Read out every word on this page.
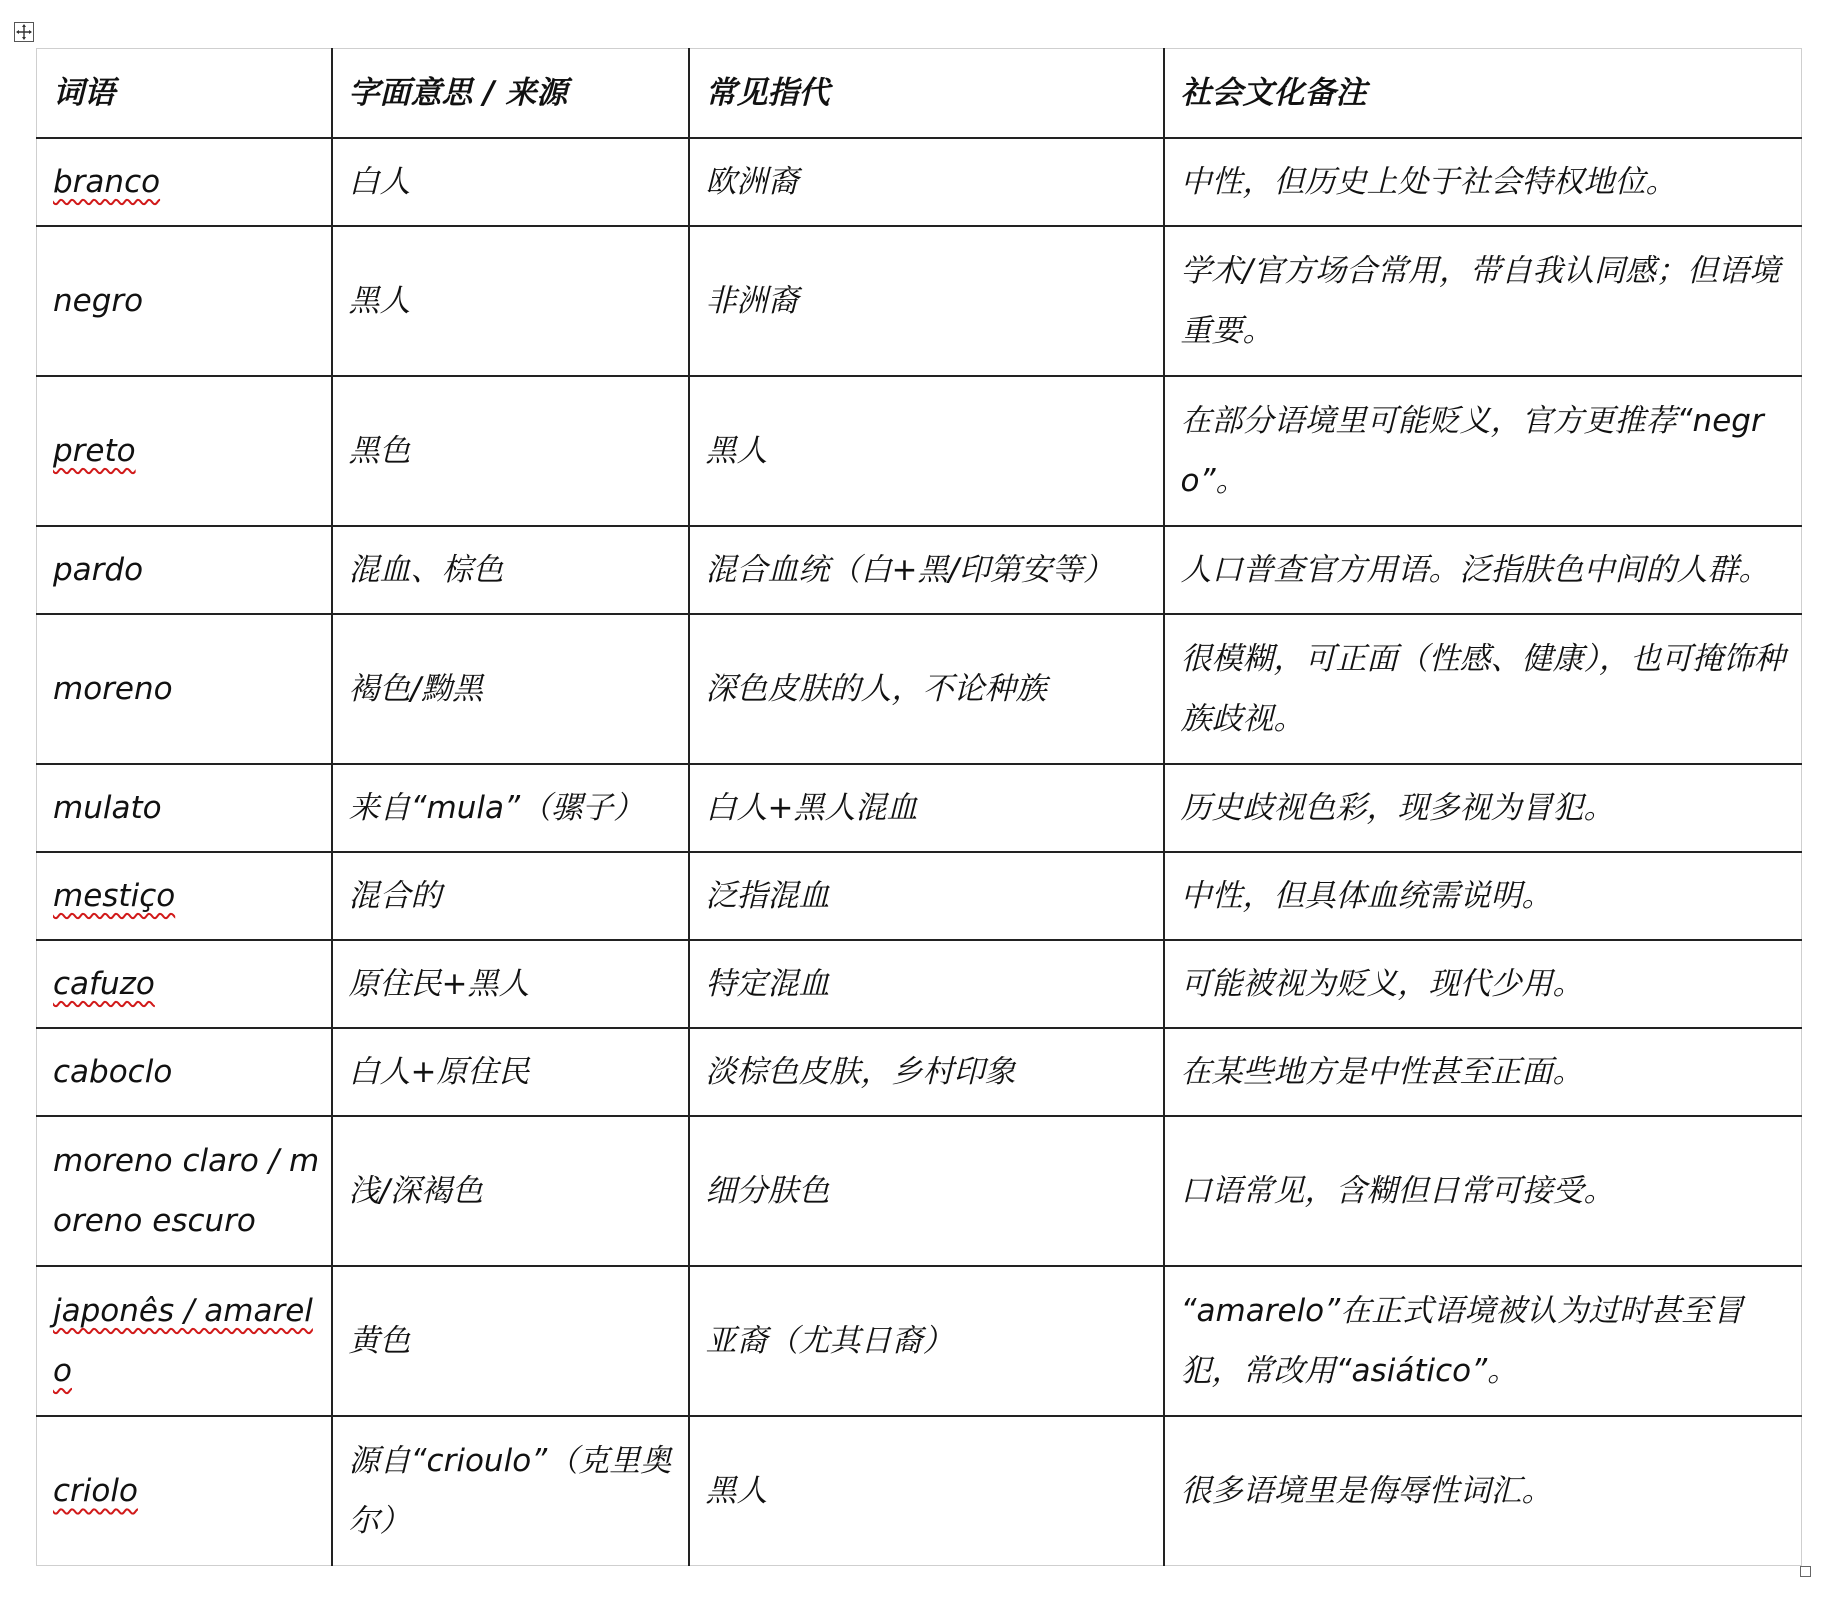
词语	字面意思 / 来源	常见指代	社会文化备注
branco	白人	欧洲裔	中性，但历史上处于社会特权地位。
negro	黑人	非洲裔	学术/官方场合常用，带自我认同感；但语境重要。
preto	黑色	黑人	在部分语境里可能贬义，官方更推荐“negro”。
pardo	混血、棕色	混合血统（白+黑/印第安等）	人口普查官方用语。泛指肤色中间的人群。
moreno	褐色/黝黑	深色皮肤的人，不论种族	很模糊，可正面（性感、健康），也可掩饰种族歧视。
mulato	来自“mula”（骡子）	白人+黑人混血	历史歧视色彩，现多视为冒犯。
mestiço	混合的	泛指混血	中性，但具体血统需说明。
cafuzo	原住民+黑人	特定混血	可能被视为贬义，现代少用。
caboclo	白人+原住民	淡棕色皮肤，乡村印象	在某些地方是中性甚至正面。
moreno claro / moreno escuro	浅/深褐色	细分肤色	口语常见，含糊但日常可接受。
japonês / amarelo	黄色	亚裔（尤其日裔）	“amarelo”在正式语境被认为过时甚至冒犯，常改用“asiático”。
criolo	源自“crioulo”（克里奥尔）	黑人	很多语境里是侮辱性词汇。
